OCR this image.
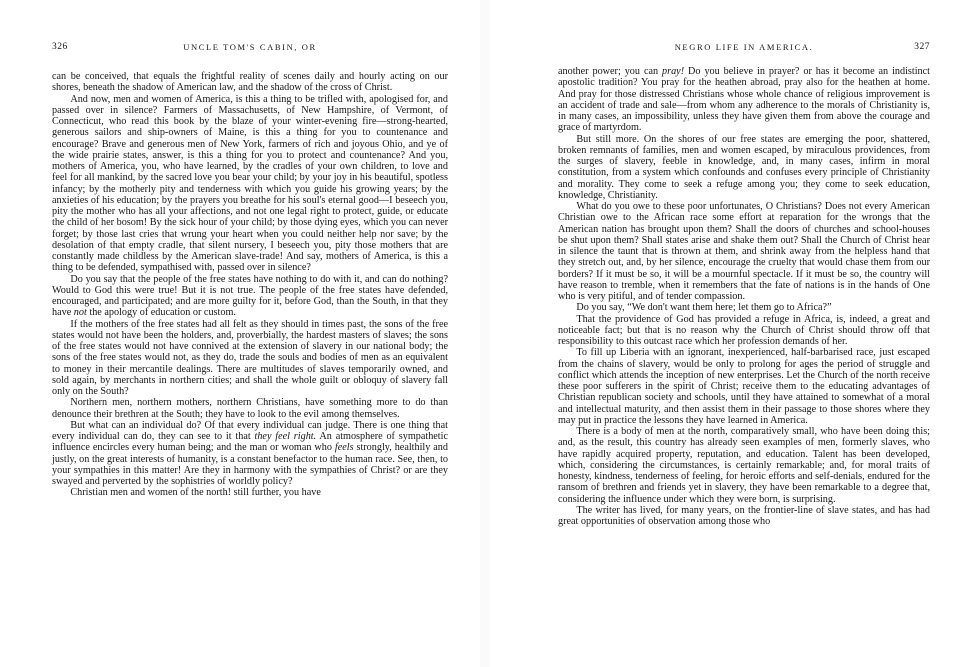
326	UNCLE TOM'S CABIN, OR

can be conceived, that equals the frightful reality of scenes daily and hourly acting on our shores, beneath the shadow of American law, and the shadow of the cross of Christ.

And now, men and women of America, is this a thing to be trifled with, apologised for, and passed over in silence? Farmers of Massachusetts, of New Hampshire, of Vermont, of Connecticut, who read this book by the blaze of your winter-evening fire—strong-hearted, generous sailors and ship-owners of Maine, is this a thing for you to countenance and encourage? Brave and generous men of New York, farmers of rich and joyous Ohio, and ye of the wide prairie states, answer, is this a thing for you to protect and countenance? And you, mothers of America, you, who have learned, by the cradles of your own children, to love and feel for all mankind, by the sacred love you bear your child; by your joy in his beautiful, spotless infancy; by the motherly pity and tenderness with which you guide his growing years; by the anxieties of his education; by the prayers you breathe for his soul's eternal good—I beseech you, pity the mother who has all your affections, and not one legal right to protect, guide, or educate the child of her bosom! By the sick hour of your child; by those dying eyes, which you can never forget; by those last cries that wrung your heart when you could neither help nor save; by the desolation of that empty cradle, that silent nursery, I beseech you, pity those mothers that are constantly made childless by the American slave-trade! And say, mothers of America, is this a thing to be defended, sympathised with, passed over in silence?

Do you say that the people of the free states have nothing to do with it, and can do nothing? Would to God this were true! But it is not true. The people of the free states have defended, encouraged, and participated; and are more guilty for it, before God, than the South, in that they have not the apology of education or custom.

If the mothers of the free states had all felt as they should in times past, the sons of the free states would not have been the holders, and, proverbially, the hardest masters of slaves; the sons of the free states would not have connived at the extension of slavery in our national body; the sons of the free states would not, as they do, trade the souls and bodies of men as an equivalent to money in their mercantile dealings. There are multitudes of slaves temporarily owned, and sold again, by merchants in northern cities; and shall the whole guilt or obloquy of slavery fall only on the South?

Northern men, northern mothers, northern Christians, have something more to do than denounce their brethren at the South; they have to look to the evil among themselves.

But what can an individual do? Of that every individual can judge. There is one thing that every individual can do, they can see to it that they feel right. An atmosphere of sympathetic influence encircles every human being; and the man or woman who feels strongly, healthily and justly, on the great interests of humanity, is a constant benefactor to the human race. See, then, to your sympathies in this matter! Are they in harmony with the sympathies of Christ? or are they swayed and perverted by the sophistries of worldly policy?

Christian men and women of the north! still further, you have

NEGRO LIFE IN AMERICA.	327

another power; you can pray! Do you believe in prayer? or has it become an indistinct apostolic tradition? You pray for the heathen abroad, pray also for the heathen at home. And pray for those distressed Christians whose whole chance of religious improvement is an accident of trade and sale—from whom any adherence to the morals of Christianity is, in many cases, an impossibility, unless they have given them from above the courage and grace of martyrdom.

But still more. On the shores of our free states are emerging the poor, shattered, broken remnants of families, men and women escaped, by miraculous providences, from the surges of slavery, feeble in knowledge, and, in many cases, infirm in moral constitution, from a system which confounds and confuses every principle of Christianity and morality. They come to seek a refuge among you; they come to seek education, knowledge, Christianity.

What do you owe to these poor unfortunates, O Christians? Does not every American Christian owe to the African race some effort at reparation for the wrongs that the American nation has brought upon them? Shall the doors of churches and school-houses be shut upon them? Shall states arise and shake them out? Shall the Church of Christ hear in silence the taunt that is thrown at them, and shrink away from the helpless hand that they stretch out, and, by her silence, encourage the cruelty that would chase them from our borders? If it must be so, it will be a mournful spectacle. If it must be so, the country will have reason to tremble, when it remembers that the fate of nations is in the hands of One who is very pitiful, and of tender compassion.

Do you say, “We don't want them here; let them go to Africa?”

That the providence of God has provided a refuge in Africa, is, indeed, a great and noticeable fact; but that is no reason why the Church of Christ should throw off that responsibility to this outcast race which her profession demands of her.

To fill up Liberia with an ignorant, inexperienced, half-barbarised race, just escaped from the chains of slavery, would be only to prolong for ages the period of struggle and conflict which attends the inception of new enterprises. Let the Church of the north receive these poor sufferers in the spirit of Christ; receive them to the educating advantages of Christian republican society and schools, until they have attained to somewhat of a moral and intellectual maturity, and then assist them in their passage to those shores where they may put in practice the lessons they have learned in America.

There is a body of men at the north, comparatively small, who have been doing this; and, as the result, this country has already seen examples of men, formerly slaves, who have rapidly acquired property, reputation, and education. Talent has been developed, which, considering the circumstances, is certainly remarkable; and, for moral traits of honesty, kindness, tenderness of feeling, for heroic efforts and self-denials, endured for the ransom of brethren and friends yet in slavery, they have been remarkable to a degree that, considering the influence under which they were born, is surprising.

The writer has lived, for many years, on the frontier-line of slave states, and has had great opportunities of observation among those who
